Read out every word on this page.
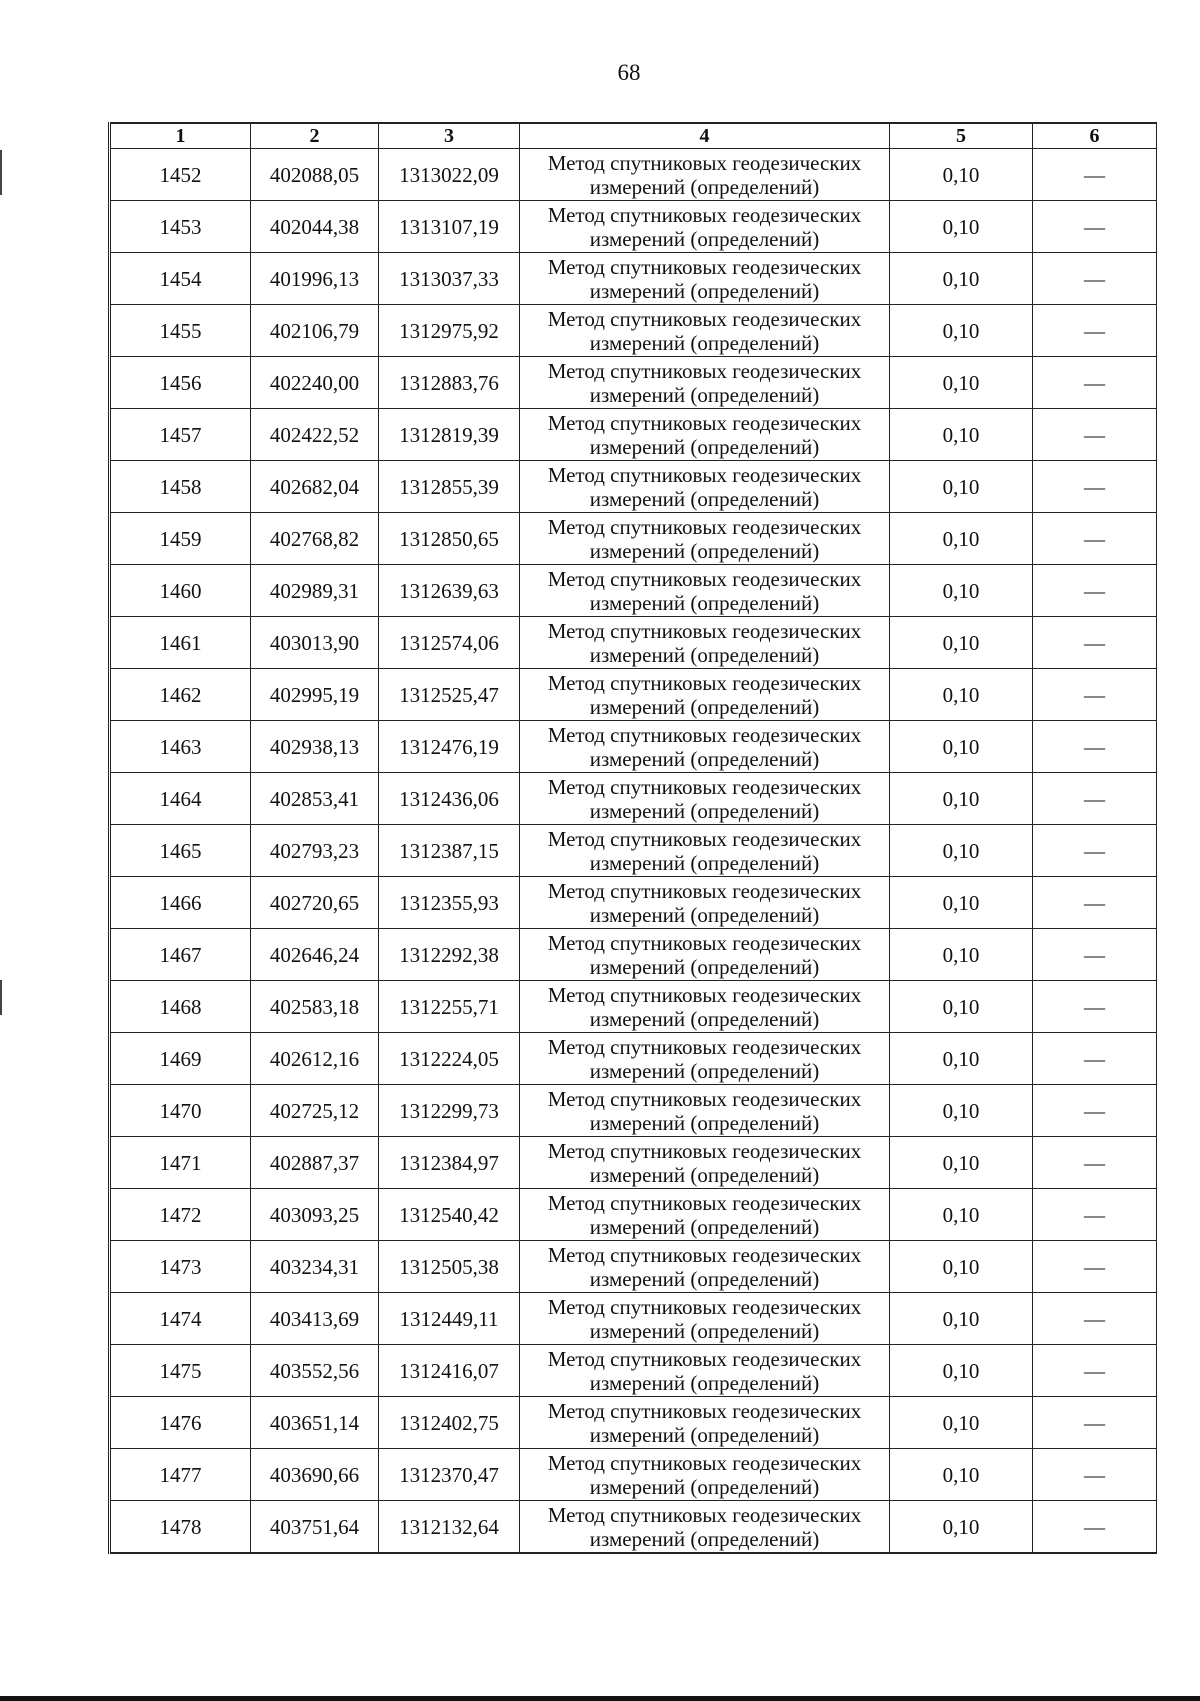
68
1	2	3	4	5	6
1452	402088,05	1313022,09	Метод спутниковых геодезических измерений (определений)	0,10	—
1453	402044,38	1313107,19	Метод спутниковых геодезических измерений (определений)	0,10	—
1454	401996,13	1313037,33	Метод спутниковых геодезических измерений (определений)	0,10	—
1455	402106,79	1312975,92	Метод спутниковых геодезических измерений (определений)	0,10	—
1456	402240,00	1312883,76	Метод спутниковых геодезических измерений (определений)	0,10	—
1457	402422,52	1312819,39	Метод спутниковых геодезических измерений (определений)	0,10	—
1458	402682,04	1312855,39	Метод спутниковых геодезических измерений (определений)	0,10	—
1459	402768,82	1312850,65	Метод спутниковых геодезических измерений (определений)	0,10	—
1460	402989,31	1312639,63	Метод спутниковых геодезических измерений (определений)	0,10	—
1461	403013,90	1312574,06	Метод спутниковых геодезических измерений (определений)	0,10	—
1462	402995,19	1312525,47	Метод спутниковых геодезических измерений (определений)	0,10	—
1463	402938,13	1312476,19	Метод спутниковых геодезических измерений (определений)	0,10	—
1464	402853,41	1312436,06	Метод спутниковых геодезических измерений (определений)	0,10	—
1465	402793,23	1312387,15	Метод спутниковых геодезических измерений (определений)	0,10	—
1466	402720,65	1312355,93	Метод спутниковых геодезических измерений (определений)	0,10	—
1467	402646,24	1312292,38	Метод спутниковых геодезических измерений (определений)	0,10	—
1468	402583,18	1312255,71	Метод спутниковых геодезических измерений (определений)	0,10	—
1469	402612,16	1312224,05	Метод спутниковых геодезических измерений (определений)	0,10	—
1470	402725,12	1312299,73	Метод спутниковых геодезических измерений (определений)	0,10	—
1471	402887,37	1312384,97	Метод спутниковых геодезических измерений (определений)	0,10	—
1472	403093,25	1312540,42	Метод спутниковых геодезических измерений (определений)	0,10	—
1473	403234,31	1312505,38	Метод спутниковых геодезических измерений (определений)	0,10	—
1474	403413,69	1312449,11	Метод спутниковых геодезических измерений (определений)	0,10	—
1475	403552,56	1312416,07	Метод спутниковых геодезических измерений (определений)	0,10	—
1476	403651,14	1312402,75	Метод спутниковых геодезических измерений (определений)	0,10	—
1477	403690,66	1312370,47	Метод спутниковых геодезических измерений (определений)	0,10	—
1478	403751,64	1312132,64	Метод спутниковых геодезических измерений (определений)	0,10	—
